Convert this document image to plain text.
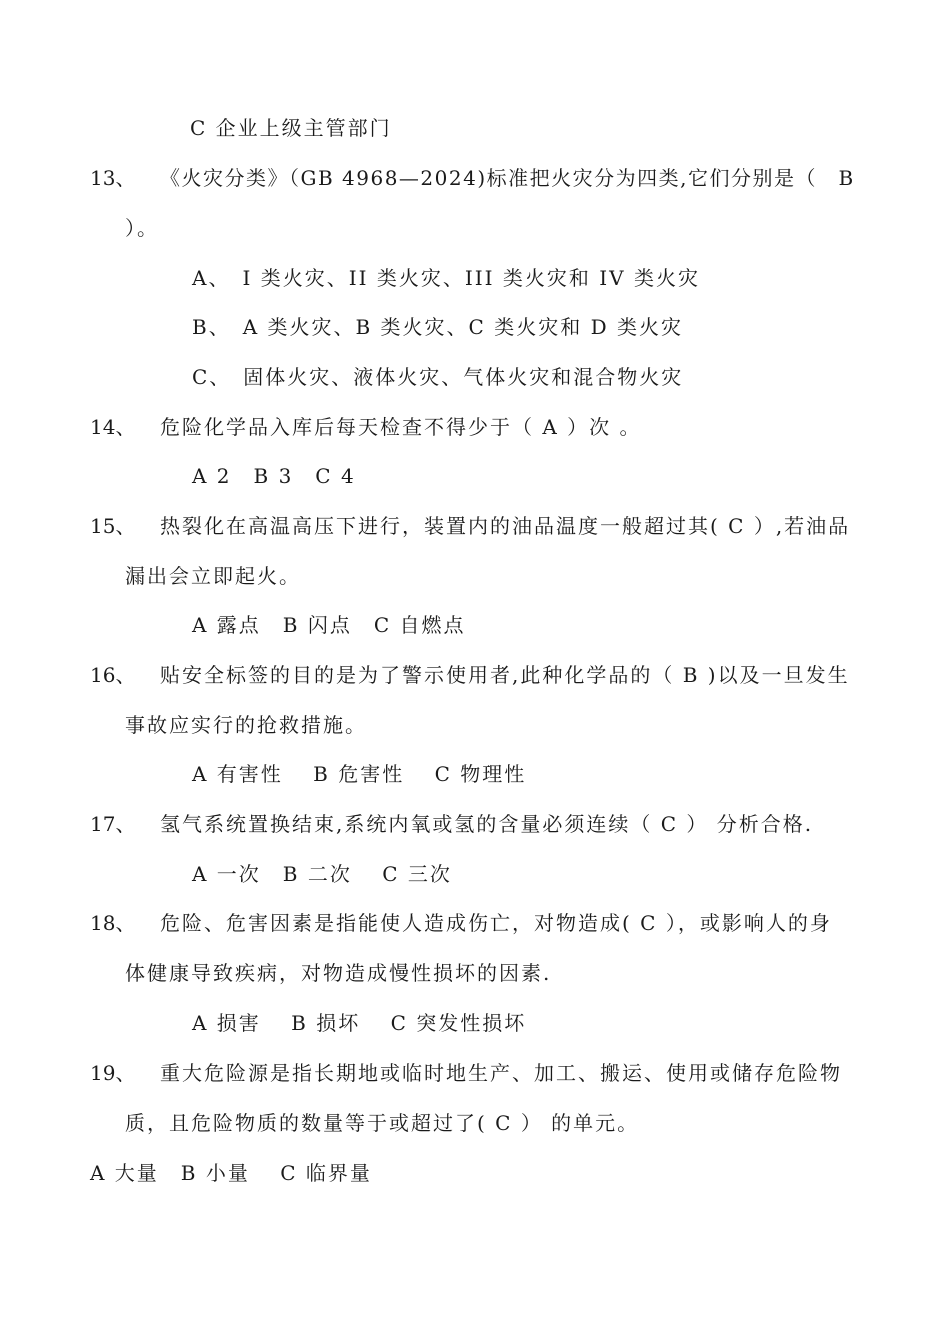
C 企业上级主管部门
13、 《火灾分类》（GB 4968—2024)标准把火灾分为四类,它们分别是（　B
）。
A、　I 类火灾、II 类火灾、III 类火灾和 IV 类火灾
B、　A 类火灾、B 类火灾、C 类火灾和 D 类火灾
C、　固体火灾、液体火灾、气体火灾和混合物火灾
14、 危险化学品入库后每天检查不得少于（ A ）次 。
A 2　B 3　C 4
15、 热裂化在高温高压下进行，装置内的油品温度一般超过其( C ）,若油品
漏出会立即起火。
A 露点　B 闪点　C 自燃点
16、 贴安全标签的目的是为了警示使用者,此种化学品的（ B )以及一旦发生
事故应实行的抢救措施。
A 有害性　 B 危害性　 C 物理性
17、 氢气系统置换结束,系统内氧或氢的含量必须连续（ C ） 分析合格.
A 一次　B 二次　 C 三次
18、 危险、危害因素是指能使人造成伤亡，对物造成( C ），或影响人的身
体健康导致疾病，对物造成慢性损坏的因素.
A 损害　 B 损坏　 C 突发性损坏
19、 重大危险源是指长期地或临时地生产、加工、搬运、使用或储存危险物
质，且危险物质的数量等于或超过了( C ） 的单元。
A 大量　B 小量　 C 临界量
